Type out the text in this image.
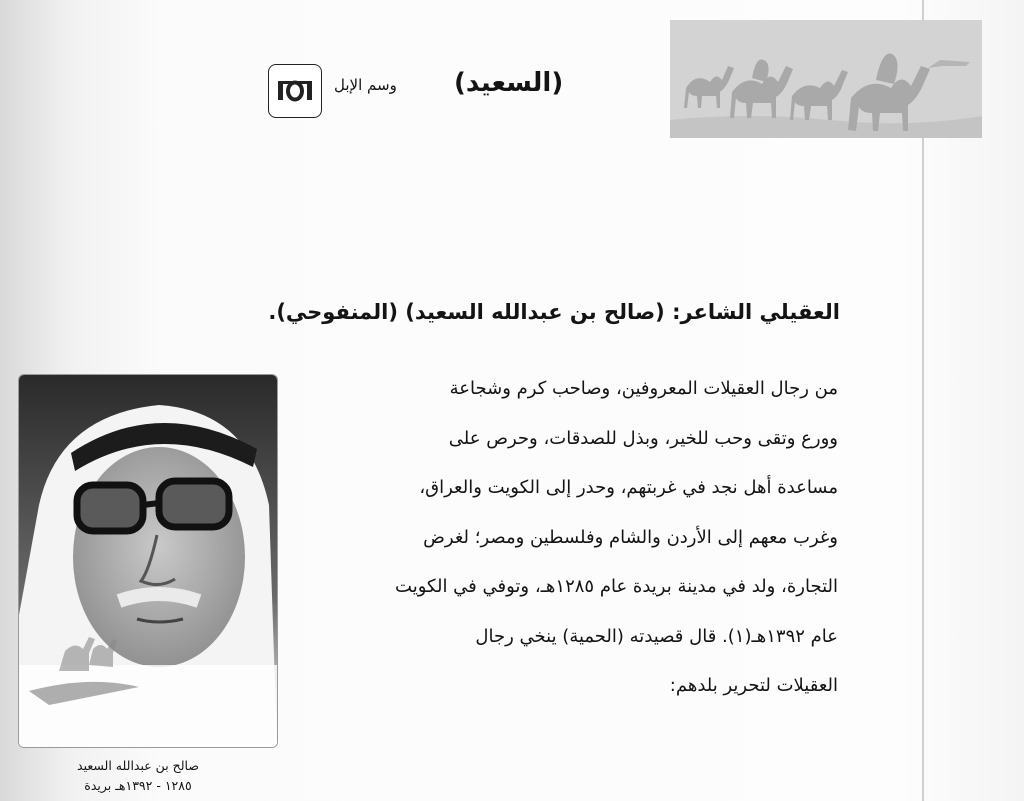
وسم الإبل (السعيد)
العقيلي الشاعر: (صالح بن عبدالله السعيد) (المنفوحي).
من رجال العقيلات المعروفين، وصاحب كرم وشجاعة
وورع وتقى وحب للخير، وبذل للصدقات، وحرص على
مساعدة أهل نجد في غربتهم، وحدر إلى الكويت والعراق،
وغرب معهم إلى الأردن والشام وفلسطين ومصر؛ لغرض
التجارة، ولد في مدينة بريدة عام ١٢٨٥هـ، وتوفي في الكويت
عام ١٣٩٢هـ(١). قال قصيدته (الحمية) ينخي رجال
العقيلات لتحرير بلدهم:
صالح بن عبدالله السعيد
١٢٨٥ - ١٣٩٢هـ بريدة
